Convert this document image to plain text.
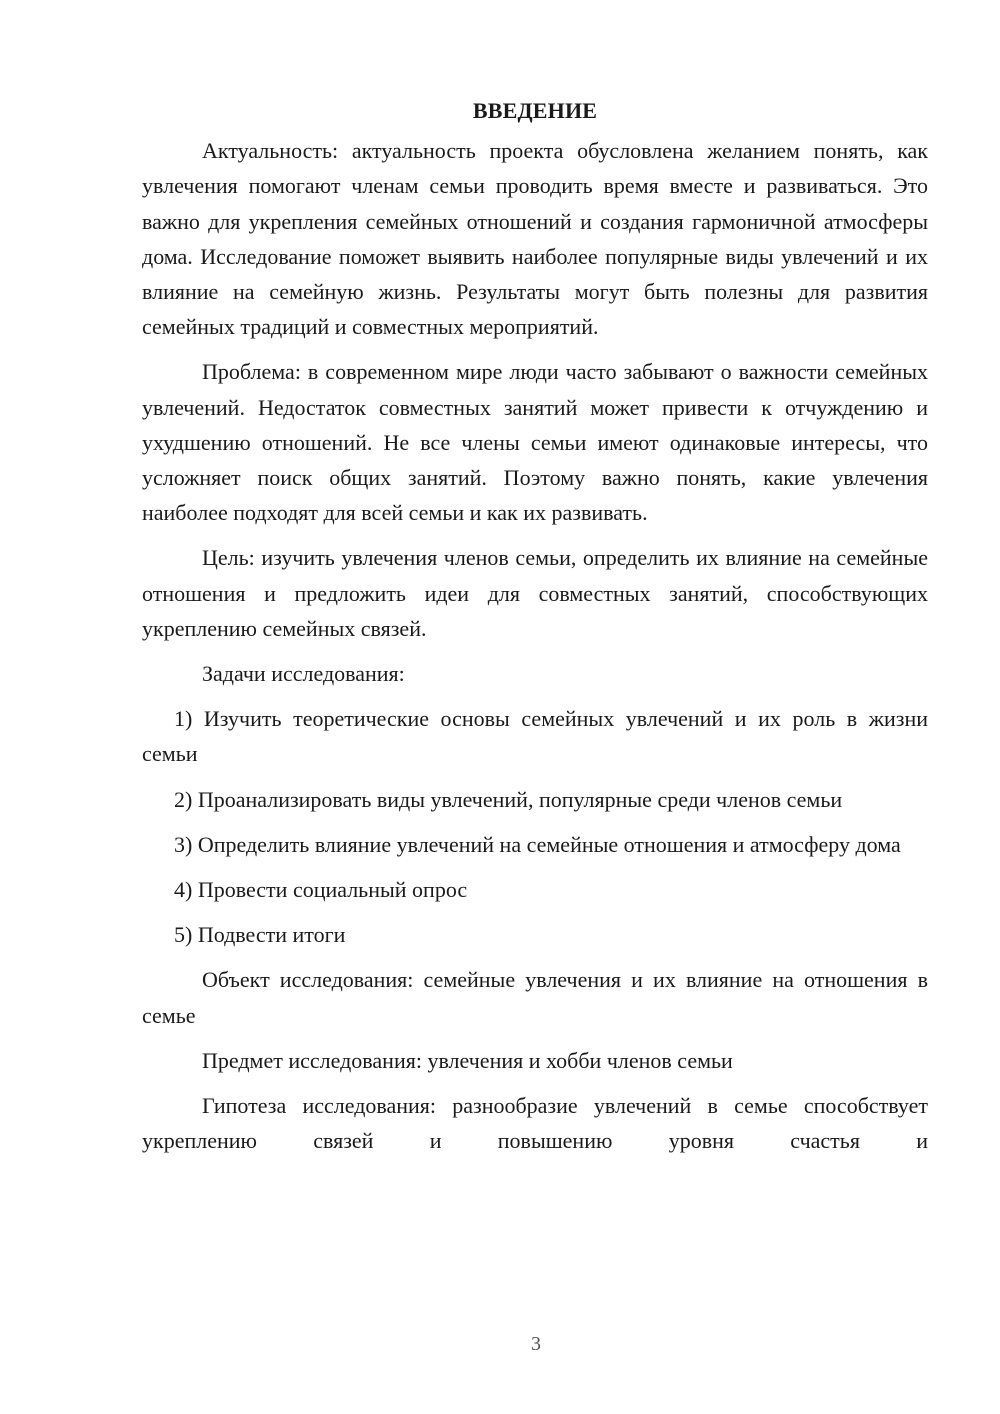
ВВЕДЕНИЕ

Актуальность: актуальность проекта обусловлена желанием понять, как увлечения помогают членам семьи проводить время вместе и развиваться. Это важно для укрепления семейных отношений и создания гармоничной атмосферы дома. Исследование поможет выявить наиболее популярные виды увлечений и их влияние на семейную жизнь. Результаты могут быть полезны для развития семейных традиций и совместных мероприятий.

Проблема: в современном мире люди часто забывают о важности семейных увлечений. Недостаток совместных занятий может привести к отчуждению и ухудшению отношений. Не все члены семьи имеют одинаковые интересы, что усложняет поиск общих занятий. Поэтому важно понять, какие увлечения наиболее подходят для всей семьи и как их развивать.

Цель: изучить увлечения членов семьи, определить их влияние на семейные отношения и предложить идеи для совместных занятий, способствующих укреплению семейных связей.

Задачи исследования:

1) Изучить теоретические основы семейных увлечений и их роль в жизни семьи

2) Проанализировать виды увлечений, популярные среди членов семьи

3) Определить влияние увлечений на семейные отношения и атмосферу дома

4) Провести социальный опрос

5) Подвести итоги

Объект исследования: семейные увлечения и их влияние на отношения в семье

Предмет исследования: увлечения и хобби членов семьи

Гипотеза исследования: разнообразие увлечений в семье способствует укреплению связей и повышению уровня счастья и

3
